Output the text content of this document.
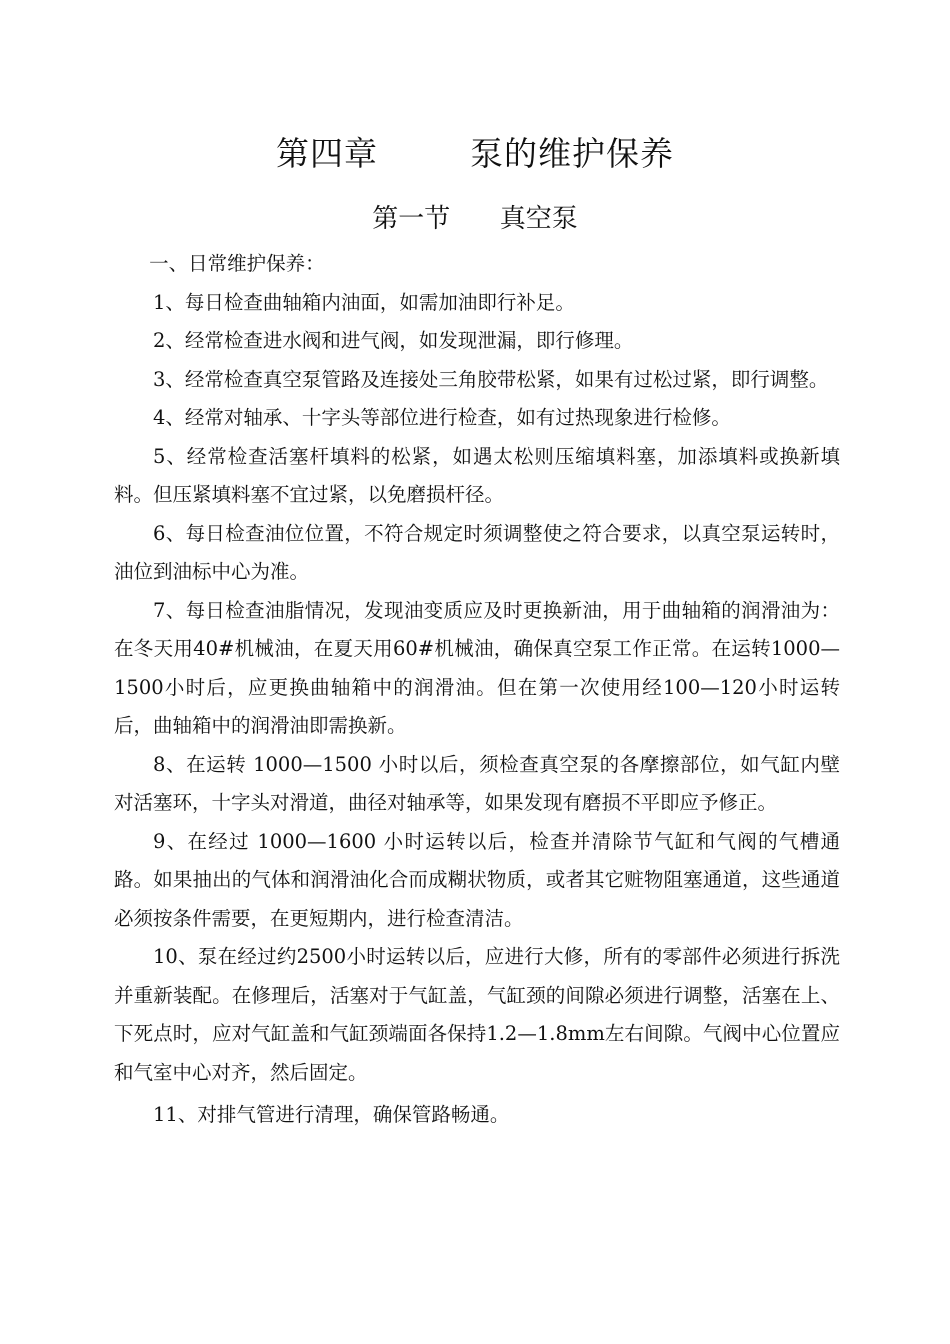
第四章	泵的维护保养
第一节 真空泵

一、日常维护保养：

1、每日检查曲轴箱内油面，如需加油即行补足。

2、经常检查进水阀和进气阀，如发现泄漏，即行修理。

3、经常检查真空泵管路及连接处三角胶带松紧，如果有过松过紧，即行调整。

4、经常对轴承、十字头等部位进行检查，如有过热现象进行检修。

5、经常检查活塞杆填料的松紧，如遇太松则压缩填料塞，加添填料或换新填料。但压紧填料塞不宜过紧，以免磨损杆径。

6、每日检查油位位置，不符合规定时须调整使之符合要求，以真空泵运转时，油位到油标中心为准。

7、每日检查油脂情况，发现油变质应及时更换新油，用于曲轴箱的润滑油为：在冬天用40#机械油，在夏天用60#机械油，确保真空泵工作正常。在运转1000—1500小时后，应更换曲轴箱中的润滑油。但在第一次使用经100—120小时运转后，曲轴箱中的润滑油即需换新。

8、在运转 1000—1500 小时以后，须检查真空泵的各摩擦部位，如气缸内壁对活塞环，十字头对滑道，曲径对轴承等，如果发现有磨损不平即应予修正。

9、在经过 1000—1600 小时运转以后，检查并清除节气缸和气阀的气槽通路。如果抽出的气体和润滑油化合而成糊状物质，或者其它赃物阻塞通道，这些通道必须按条件需要，在更短期内，进行检查清洁。

10、泵在经过约2500小时运转以后，应进行大修，所有的零部件必须进行拆洗并重新装配。在修理后，活塞对于气缸盖，气缸颈的间隙必须进行调整，活塞在上、下死点时，应对气缸盖和气缸颈端面各保持1.2—1.8mm左右间隙。气阀中心位置应和气室中心对齐，然后固定。

11、对排气管进行清理，确保管路畅通。
